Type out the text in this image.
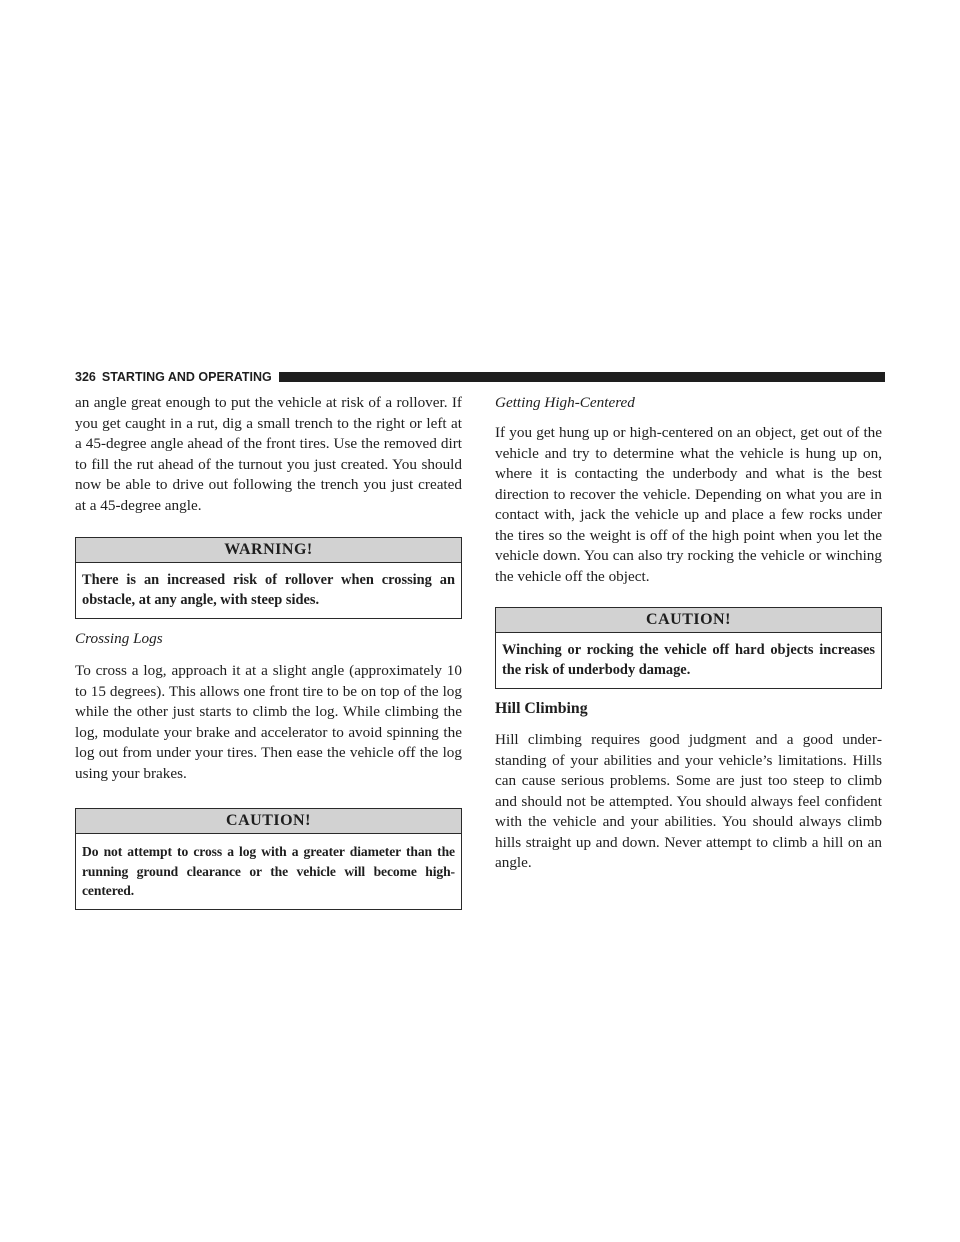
326 STARTING AND OPERATING

an angle great enough to put the vehicle at risk of a rollover. If you get caught in a rut, dig a small trench to the right or left at a 45-degree angle ahead of the front tires. Use the removed dirt to fill the rut ahead of the turnout you just created. You should now be able to drive out following the trench you just created at a 45-degree angle.

WARNING!
There is an increased risk of rollover when crossing an obstacle, at any angle, with steep sides.
Crossing Logs

To cross a log, approach it at a slight angle (approximately 10 to 15 degrees). This allows one front tire to be on top of the log while the other just starts to climb the log. While climbing the log, modulate your brake and accelerator to avoid spinning the log out from under your tires. Then ease the vehicle off the log using your brakes.

CAUTION!
Do not attempt to cross a log with a greater diameter than the running ground clearance or the vehicle will become high-centered.
Getting High-Centered

If you get hung up or high-centered on an object, get out of the vehicle and try to determine what the vehicle is hung up on, where it is contacting the underbody and what is the best direction to recover the vehicle. Depending on what you are in contact with, jack the vehicle up and place a few rocks under the tires so the weight is off of the high point when you let the vehicle down. You can also try rocking the vehicle or winching the vehicle off the object.

CAUTION!
Winching or rocking the vehicle off hard objects increases the risk of underbody damage.
Hill Climbing

Hill climbing requires good judgment and a good understanding of your abilities and your vehicle’s limitations. Hills can cause serious problems. Some are just too steep to climb and should not be attempted. You should always feel confident with the vehicle and your abilities. You should always climb hills straight up and down. Never attempt to climb a hill on an angle.
